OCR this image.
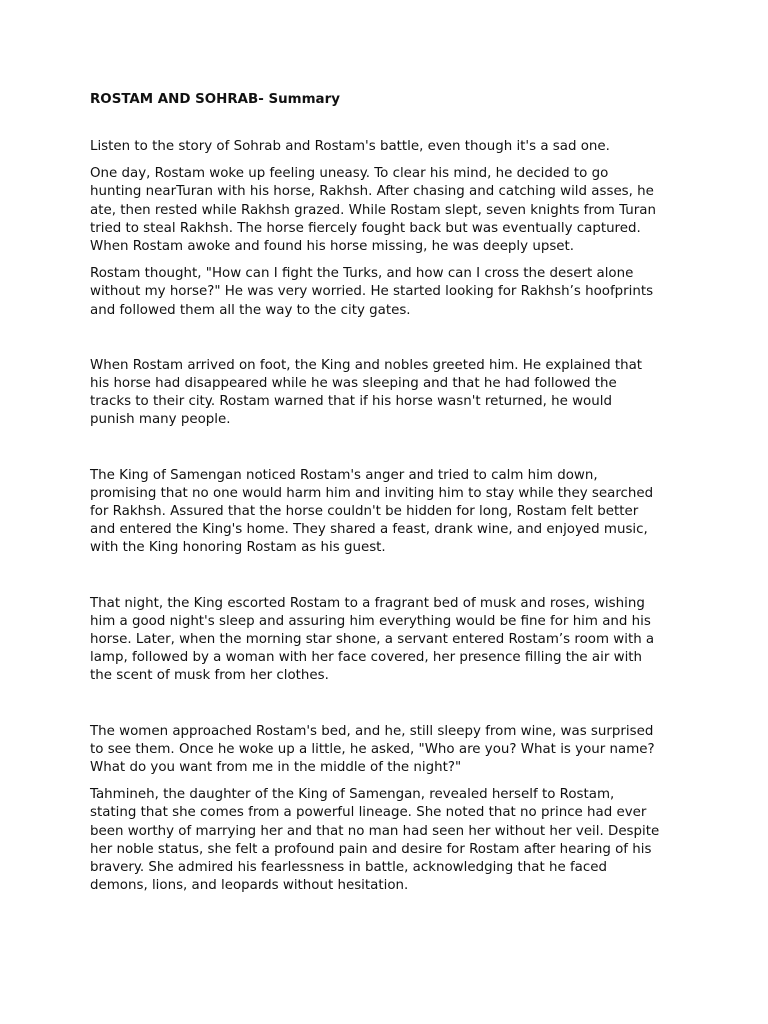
ROSTAM AND SOHRAB- Summary

Listen to the story of Sohrab and Rostam's battle, even though it's a sad one.

One day, Rostam woke up feeling uneasy. To clear his mind, he decided to go
hunting nearTuran with his horse, Rakhsh. After chasing and catching wild asses, he
ate, then rested while Rakhsh grazed. While Rostam slept, seven knights from Turan
tried to steal Rakhsh. The horse fiercely fought back but was eventually captured.
When Rostam awoke and found his horse missing, he was deeply upset.

Rostam thought, "How can I fight the Turks, and how can I cross the desert alone
without my horse?" He was very worried. He started looking for Rakhsh’s hoofprints
and followed them all the way to the city gates.

When Rostam arrived on foot, the King and nobles greeted him. He explained that
his horse had disappeared while he was sleeping and that he had followed the
tracks to their city. Rostam warned that if his horse wasn't returned, he would
punish many people.

The King of Samengan noticed Rostam's anger and tried to calm him down,
promising that no one would harm him and inviting him to stay while they searched
for Rakhsh. Assured that the horse couldn't be hidden for long, Rostam felt better
and entered the King's home. They shared a feast, drank wine, and enjoyed music,
with the King honoring Rostam as his guest.

That night, the King escorted Rostam to a fragrant bed of musk and roses, wishing
him a good night's sleep and assuring him everything would be fine for him and his
horse. Later, when the morning star shone, a servant entered Rostam’s room with a
lamp, followed by a woman with her face covered, her presence filling the air with
the scent of musk from her clothes.

The women approached Rostam's bed, and he, still sleepy from wine, was surprised
to see them. Once he woke up a little, he asked, "Who are you? What is your name?
What do you want from me in the middle of the night?"

Tahmineh, the daughter of the King of Samengan, revealed herself to Rostam,
stating that she comes from a powerful lineage. She noted that no prince had ever
been worthy of marrying her and that no man had seen her without her veil. Despite
her noble status, she felt a profound pain and desire for Rostam after hearing of his
bravery. She admired his fearlessness in battle, acknowledging that he faced
demons, lions, and leopards without hesitation.
